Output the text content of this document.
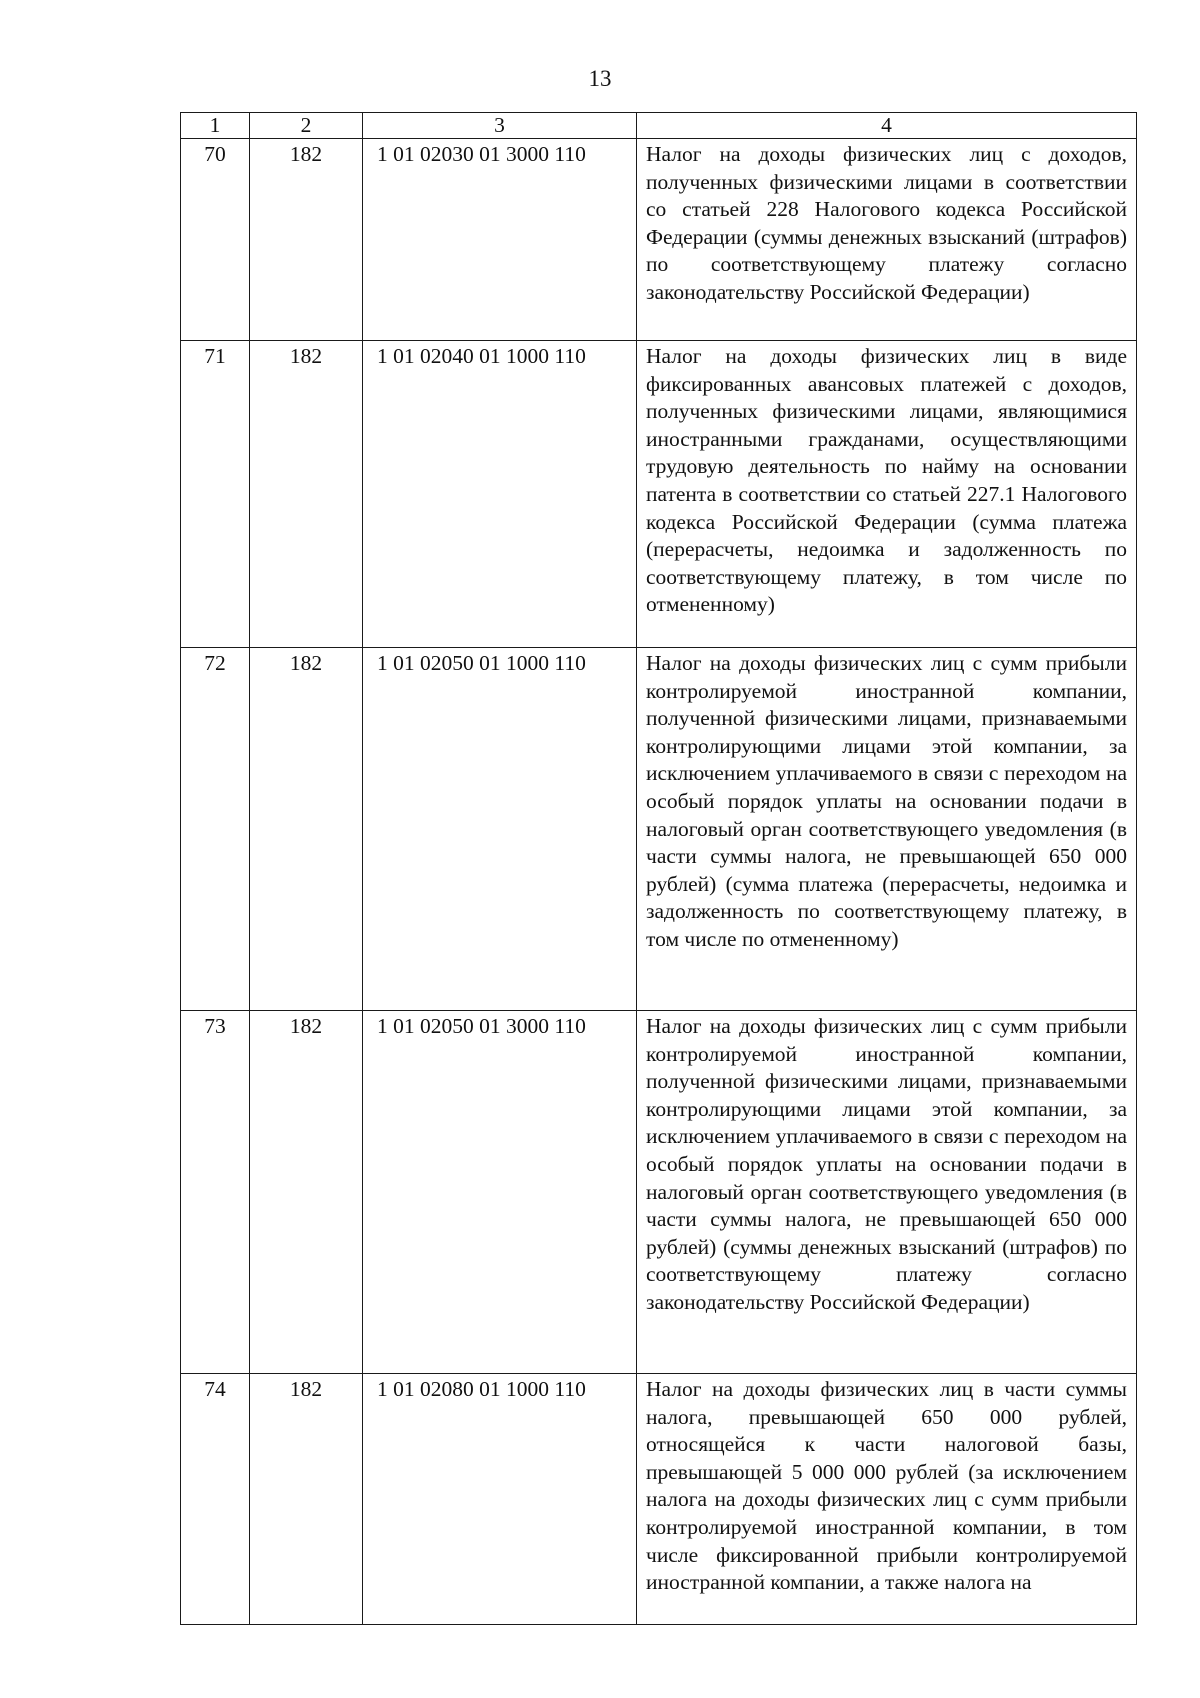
13
1	2	3	4
70	182	1 01 02030 01 3000 110	Налог на доходы физических лиц с доходов, полученных физическими лицами в соответствии со статьей 228 Налогового кодекса Российской Федерации (суммы денежных взысканий (штрафов) по соответствующему платежу согласно законодательству Российской Федерации)
71	182	1 01 02040 01 1000 110	Налог на доходы физических лиц в виде фиксированных авансовых платежей с доходов, полученных физическими лицами, являющимися иностранными гражданами, осуществляющими трудовую деятельность по найму на основании патента в соответствии со статьей 227.1 Налогового кодекса Российской Федерации (сумма платежа (перерасчеты, недоимка и задолженность по соответствующему платежу, в том числе по отмененному)
72	182	1 01 02050 01 1000 110	Налог на доходы физических лиц с сумм прибыли контролируемой иностранной компании, полученной физическими лицами, признаваемыми контролирующими лицами этой компании, за исключением уплачиваемого в связи с переходом на особый порядок уплаты на основании подачи в налоговый орган соответствующего уведомления (в части суммы налога, не превышающей 650 000 рублей) (сумма платежа (перерасчеты, недоимка и задолженность по соответствующему платежу, в том числе по отмененному)
73	182	1 01 02050 01 3000 110	Налог на доходы физических лиц с сумм прибыли контролируемой иностранной компании, полученной физическими лицами, признаваемыми контролирующими лицами этой компании, за исключением уплачиваемого в связи с переходом на особый порядок уплаты на основании подачи в налоговый орган соответствующего уведомления (в части суммы налога, не превышающей 650 000 рублей) (суммы денежных взысканий (штрафов) по соответствующему платежу согласно законодательству Российской Федерации)
74	182	1 01 02080 01 1000 110	Налог на доходы физических лиц в части суммы налога, превышающей 650 000 рублей, относящейся к части налоговой базы, превышающей 5 000 000 рублей (за исключением налога на доходы физических лиц с сумм прибыли контролируемой иностранной компании, в том числе фиксированной прибыли контролируемой иностранной компании, а также налога на
